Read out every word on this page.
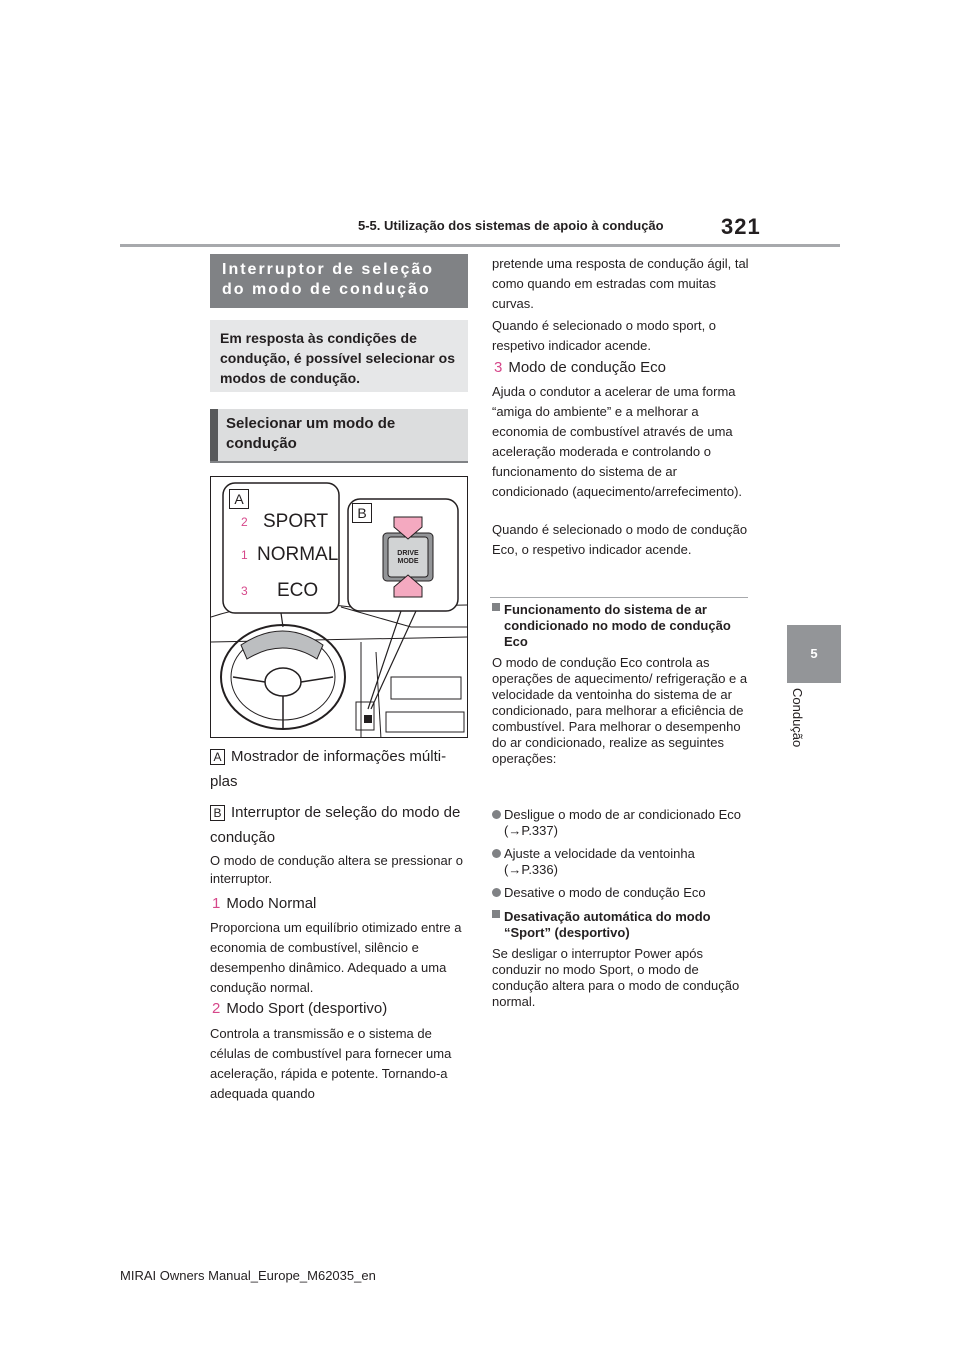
5-5. Utilização dos sistemas de apoio à condução	321
5
Condução
Interruptor de seleção do modo de condução
Em resposta às condições de condução, é possível selecionar os modos de condução.
Selecionar um modo de condução
A
B
2 SPORT
1 NORMAL
3 ECO
DRIVE MODE
A Mostrador de informações múlti-plas
B Interruptor de seleção do modo de condução
O modo de condução altera se pressionar o interruptor.
1 Modo Normal
Proporciona um equilíbrio otimizado entre a economia de combustível, silêncio e desempenho dinâmico. Adequado a uma condução normal.
2 Modo Sport (desportivo)
Controla a transmissão e o sistema de células de combustível para fornecer uma aceleração, rápida e potente. Tornando-a adequada quando
pretende uma resposta de condução ágil, tal como quando em estradas com muitas curvas.
Quando é selecionado o modo sport, o respetivo indicador acende.
3 Modo de condução Eco
Ajuda o condutor a acelerar de uma forma “amiga do ambiente” e a melhorar a economia de combustível através de uma aceleração moderada e controlando o funcionamento do sistema de ar condicionado (aquecimento/arrefecimento).
Quando é selecionado o modo de condução Eco, o respetivo indicador acende.
Funcionamento do sistema de ar condicionado no modo de condução Eco
O modo de condução Eco controla as operações de aquecimento/ refrigeração e a velocidade da ventoinha do sistema de ar condicionado, para melhorar a eficiência de combustível. Para melhorar o desempenho do ar condicionado, realize as seguintes operações:
Desligue o modo de ar condicionado Eco (→P.337)
Ajuste a velocidade da ventoinha (→P.336)
Desative o modo de condução Eco
Desativação automática do modo “Sport” (desportivo)
Se desligar o interruptor Power após conduzir no modo Sport, o modo de condução altera para o modo de condução normal.
MIRAI Owners Manual_Europe_M62035_en
